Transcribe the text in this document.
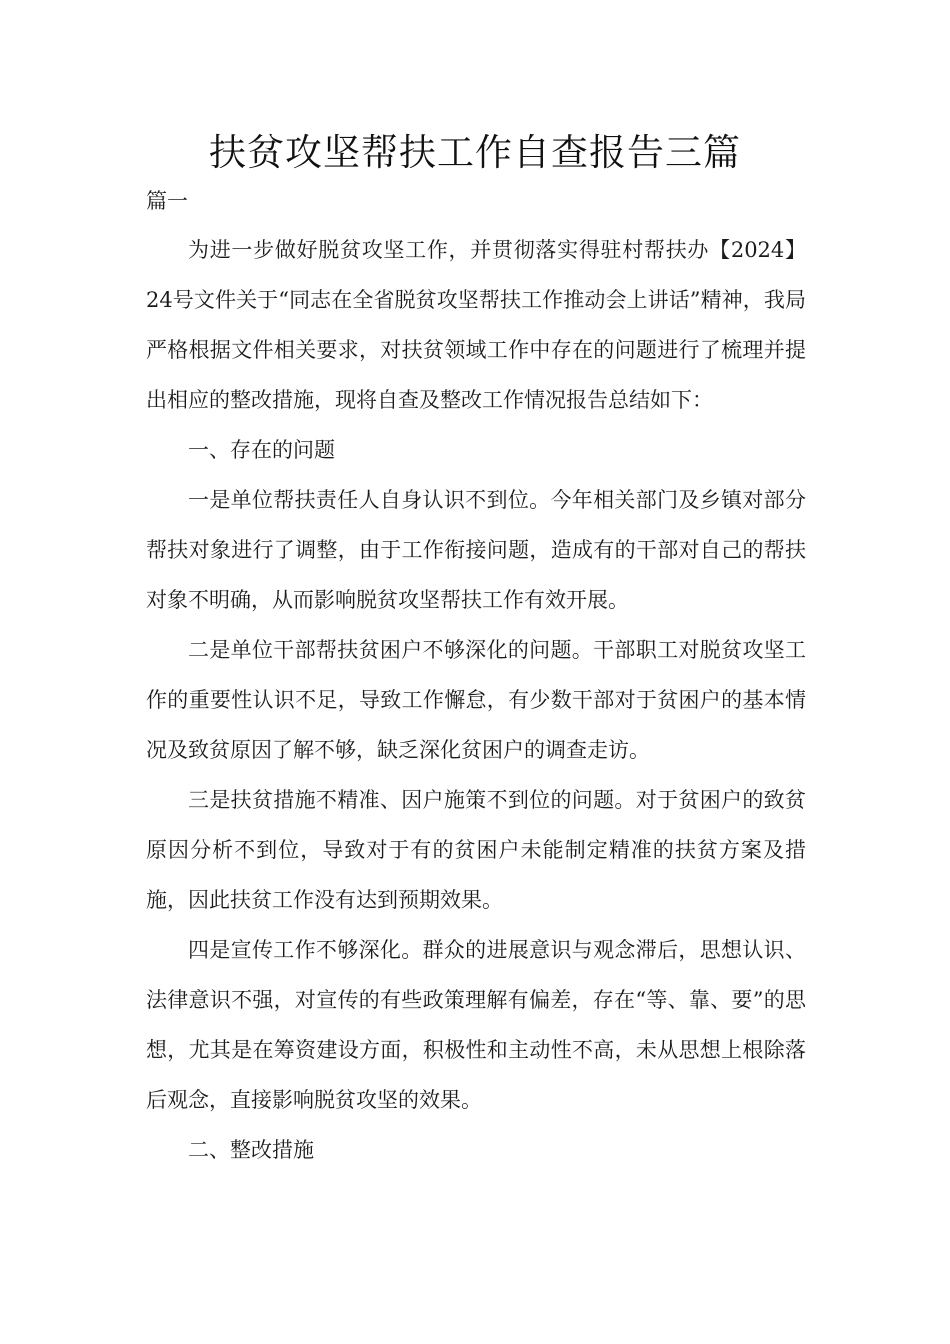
扶贫攻坚帮扶工作自查报告三篇
篇一

为进一步做好脱贫攻坚工作，并贯彻落实得驻村帮扶办【2024】24号文件关于“同志在全省脱贫攻坚帮扶工作推动会上讲话”精神，我局严格根据文件相关要求，对扶贫领域工作中存在的问题进行了梳理并提出相应的整改措施，现将自查及整改工作情况报告总结如下：

一、存在的问题

一是单位帮扶责任人自身认识不到位。今年相关部门及乡镇对部分帮扶对象进行了调整，由于工作衔接问题，造成有的干部对自己的帮扶对象不明确，从而影响脱贫攻坚帮扶工作有效开展。

二是单位干部帮扶贫困户不够深化的问题。干部职工对脱贫攻坚工作的重要性认识不足，导致工作懈怠，有少数干部对于贫困户的基本情况及致贫原因了解不够，缺乏深化贫困户的调查走访。

三是扶贫措施不精准、因户施策不到位的问题。对于贫困户的致贫原因分析不到位，导致对于有的贫困户未能制定精准的扶贫方案及措施，因此扶贫工作没有达到预期效果。

四是宣传工作不够深化。群众的进展意识与观念滞后，思想认识、法律意识不强，对宣传的有些政策理解有偏差，存在“等、靠、要”的思想，尤其是在筹资建设方面，积极性和主动性不高，未从思想上根除落后观念，直接影响脱贫攻坚的效果。

二、整改措施
